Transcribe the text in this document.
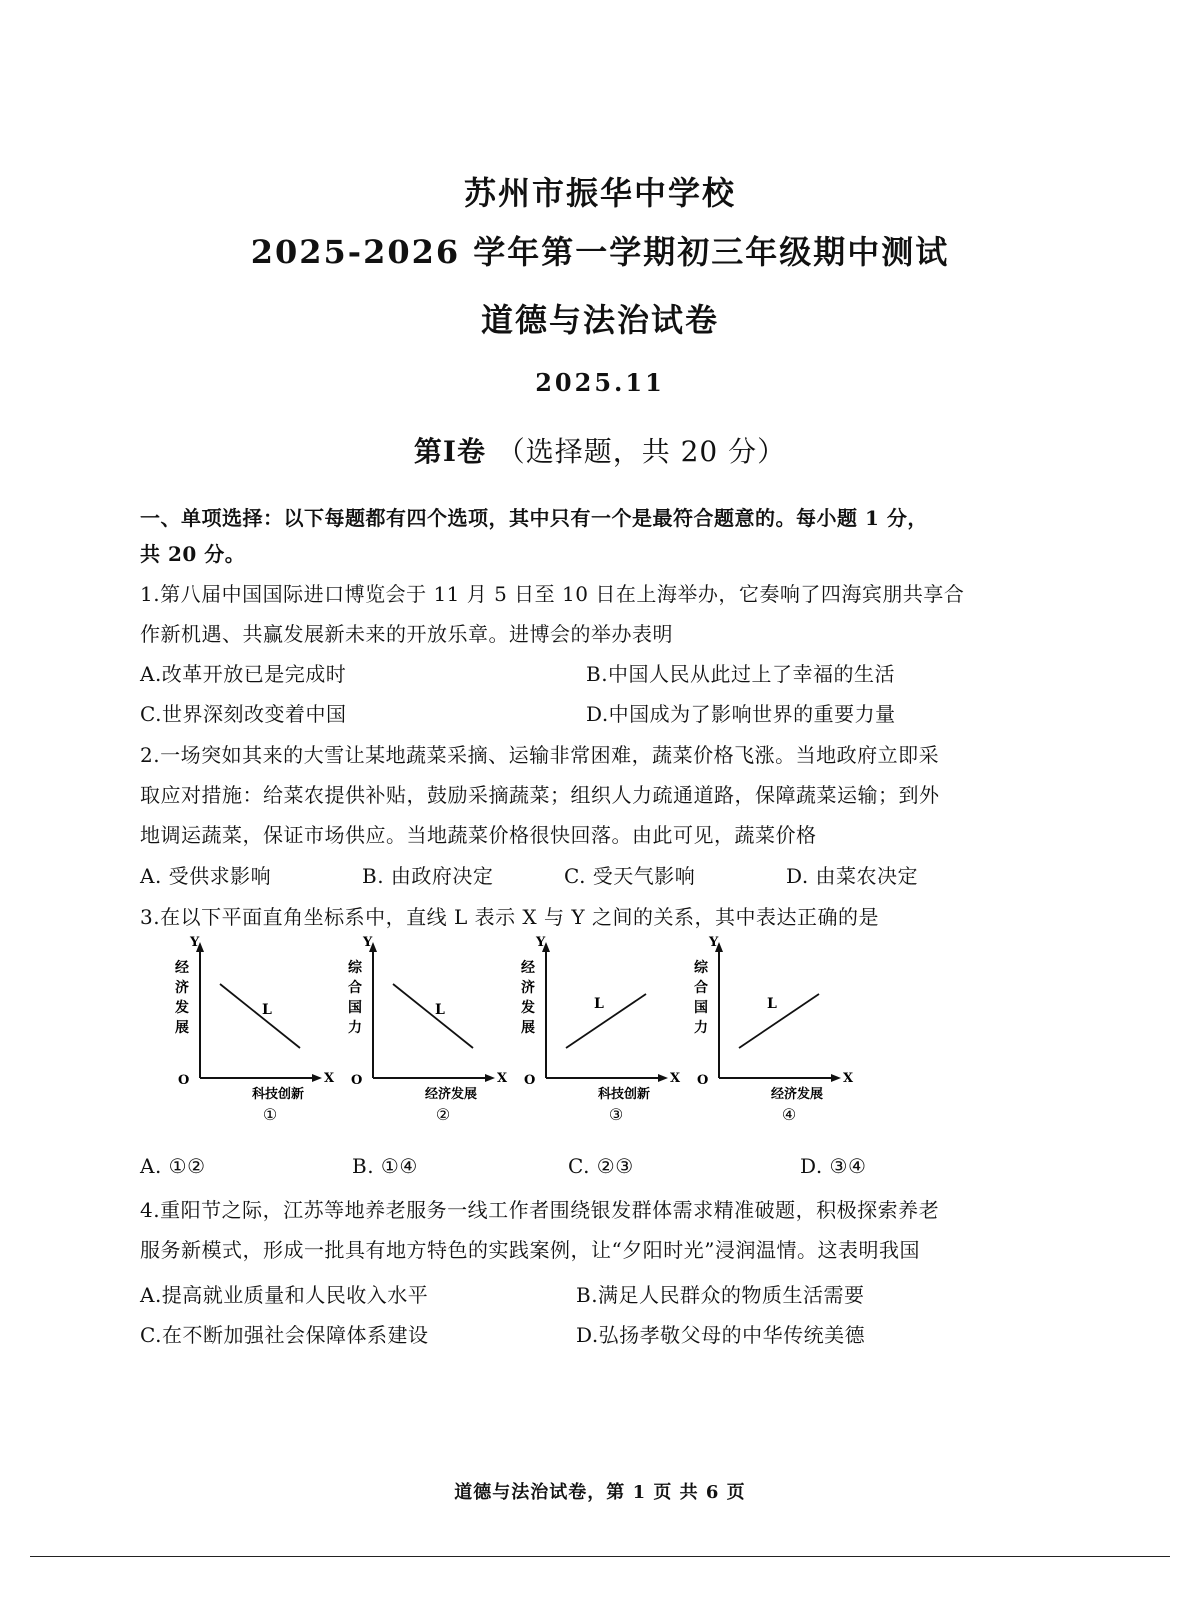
苏州市振华中学校
2025-2026 学年第一学期初三年级期中测试
道德与法治试卷
2025.11
第Ⅰ卷 （选择题，共 20 分）
一、单项选择：以下每题都有四个选项，其中只有一个是最符合题意的。每小题 1 分，
共 20 分。
1.第八届中国国际进口博览会于 11 月 5 日至 10 日在上海举办，它奏响了四海宾朋共享合
作新机遇、共赢发展新未来的开放乐章。进博会的举办表明
A.改革开放已是完成时	B.中国人民从此过上了幸福的生活
C.世界深刻改变着中国	D.中国成为了影响世界的重要力量
2.一场突如其来的大雪让某地蔬菜采摘、运输非常困难，蔬菜价格飞涨。当地政府立即采
取应对措施：给菜农提供补贴，鼓励采摘蔬菜；组织人力疏通道路，保障蔬菜运输；到外
地调运蔬菜，保证市场供应。当地蔬菜价格很快回落。由此可见，蔬菜价格
A. 受供求影响	B. 由政府决定	C. 受天气影响	D. 由菜农决定
3.在以下平面直角坐标系中，直线 L 表示 X 与 Y 之间的关系，其中表达正确的是
Y
X
O
经
济
发
展
L
科技创新
①
Y
X
O
综
合
国
力
L
经济发展
②
Y
X
O
经
济
发
展
L
科技创新
③
Y
X
O
综
合
国
力
L
经济发展
④
A. ①②	B. ①④	C. ②③	D. ③④
4.重阳节之际，江苏等地养老服务一线工作者围绕银发群体需求精准破题，积极探索养老
服务新模式，形成一批具有地方特色的实践案例，让“夕阳时光”浸润温情。这表明我国
A.提高就业质量和人民收入水平	B.满足人民群众的物质生活需要
C.在不断加强社会保障体系建设	D.弘扬孝敬父母的中华传统美德
道德与法治试卷，第 1 页 共 6 页
